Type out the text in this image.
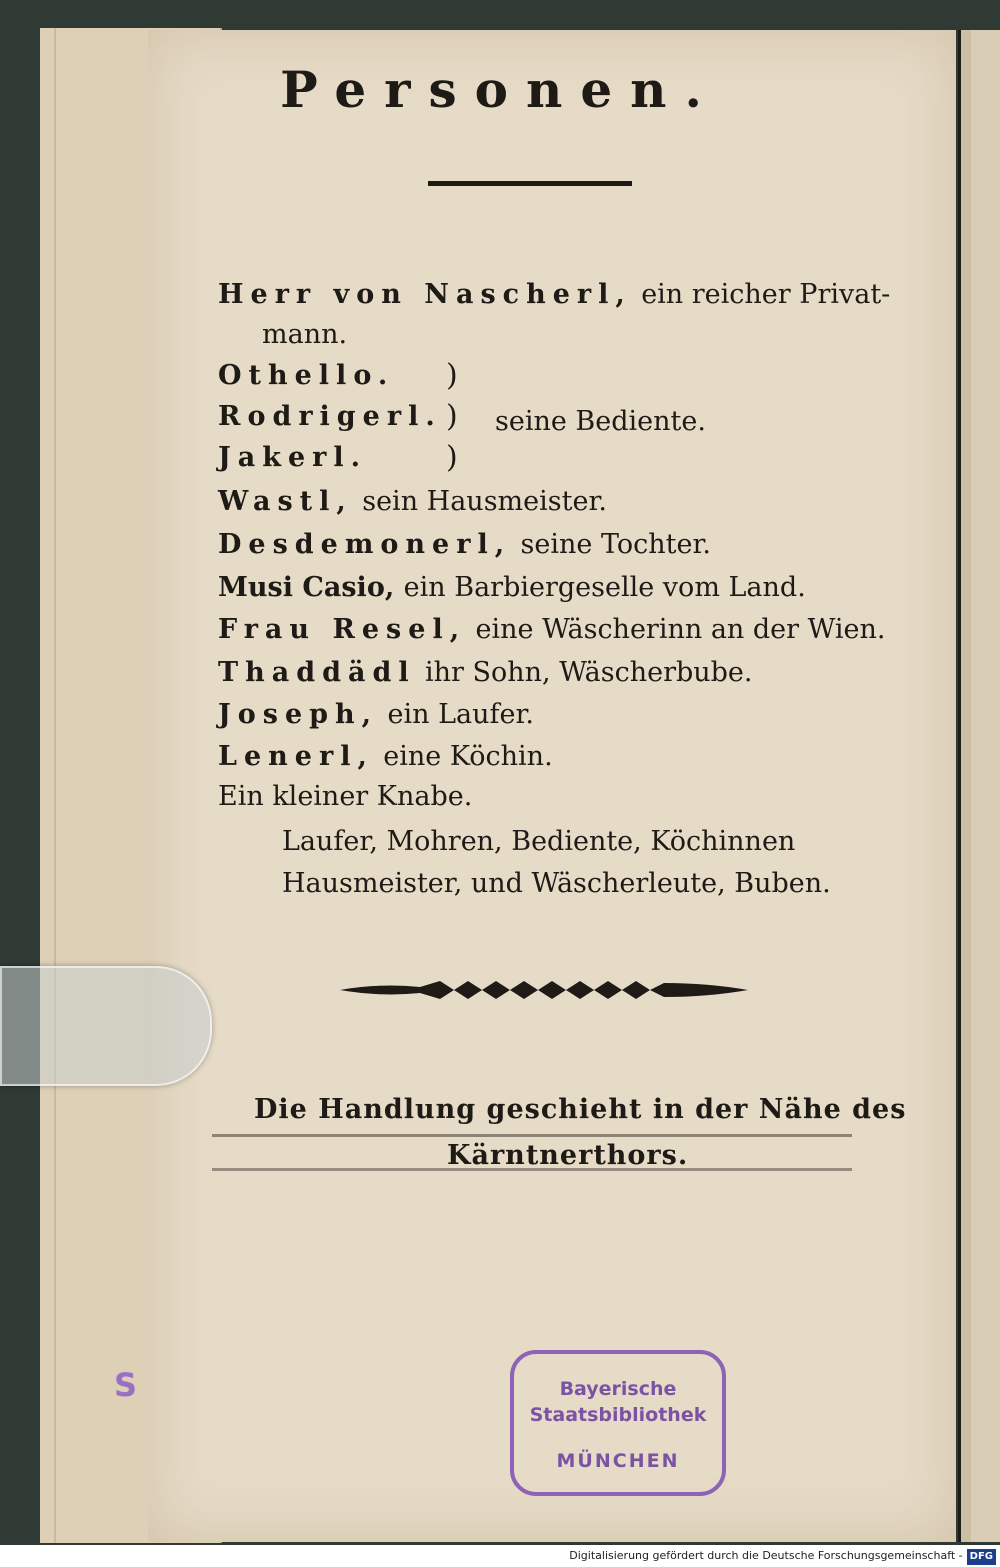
S
Personen.
Herr von Nascherl, ein reicher Privat-
mann.
Othello. )
Rodrigerl. ) seine Bediente.
Jakerl.	)
Wastl, sein Hausmeister.
Desdemonerl, seine Tochter.
Musi Casio, ein Barbiergeselle vom Land.
Frau Resel, eine Wäscherinn an der Wien.
Thaddädl ihr Sohn, Wäscherbube.
Joseph, ein Laufer.
Lenerl, eine Köchin.
Ein kleiner Knabe.
Laufer, Mohren, Bediente, Köchinnen
Hausmeister, und Wäscherleute, Buben.
Die Handlung geschieht in der Nähe des
Kärntnerthors.
Bayerische
Staatsbibliothek
MÜNCHEN
Digitalisierung gefördert durch die Deutsche Forschungsgemeinschaft - DFG
